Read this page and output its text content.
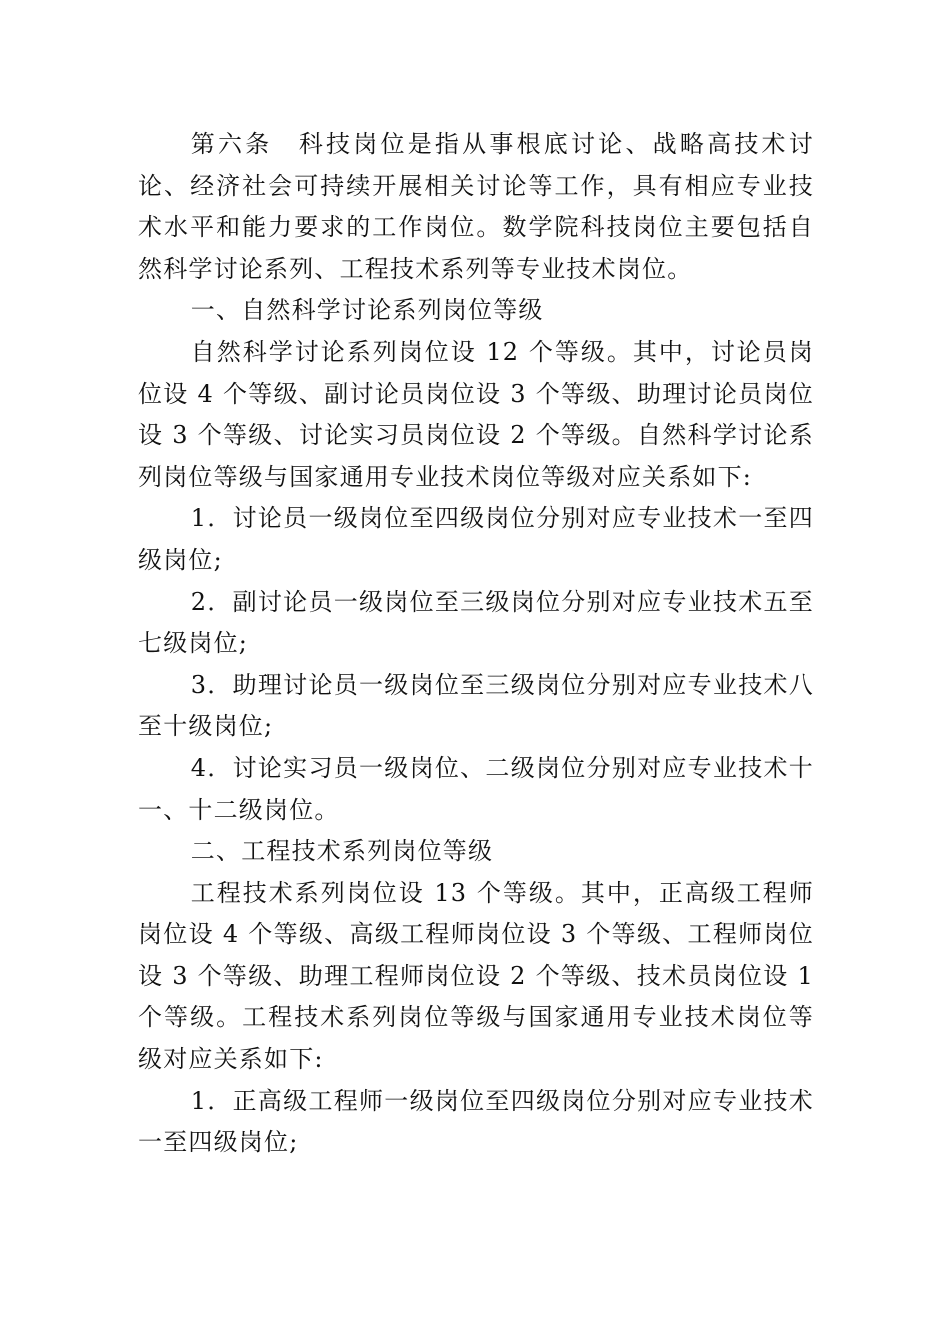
第六条 科技岗位是指从事根底讨论、战略高技术讨论、经济社会可持续开展相关讨论等工作，具有相应专业技术水平和能力要求的工作岗位。数学院科技岗位主要包括自然科学讨论系列、工程技术系列等专业技术岗位。

一、自然科学讨论系列岗位等级

自然科学讨论系列岗位设 12 个等级。其中，讨论员岗位设 4 个等级、副讨论员岗位设 3 个等级、助理讨论员岗位设 3 个等级、讨论实习员岗位设 2 个等级。自然科学讨论系列岗位等级与国家通用专业技术岗位等级对应关系如下:

1．讨论员一级岗位至四级岗位分别对应专业技术一至四级岗位;

2．副讨论员一级岗位至三级岗位分别对应专业技术五至七级岗位;

3．助理讨论员一级岗位至三级岗位分别对应专业技术八至十级岗位;

4．讨论实习员一级岗位、二级岗位分别对应专业技术十一、十二级岗位。

二、工程技术系列岗位等级

工程技术系列岗位设 13 个等级。其中，正高级工程师岗位设 4 个等级、高级工程师岗位设 3 个等级、工程师岗位设 3 个等级、助理工程师岗位设 2 个等级、技术员岗位设 1 个等级。工程技术系列岗位等级与国家通用专业技术岗位等级对应关系如下:

1．正高级工程师一级岗位至四级岗位分别对应专业技术一至四级岗位;
